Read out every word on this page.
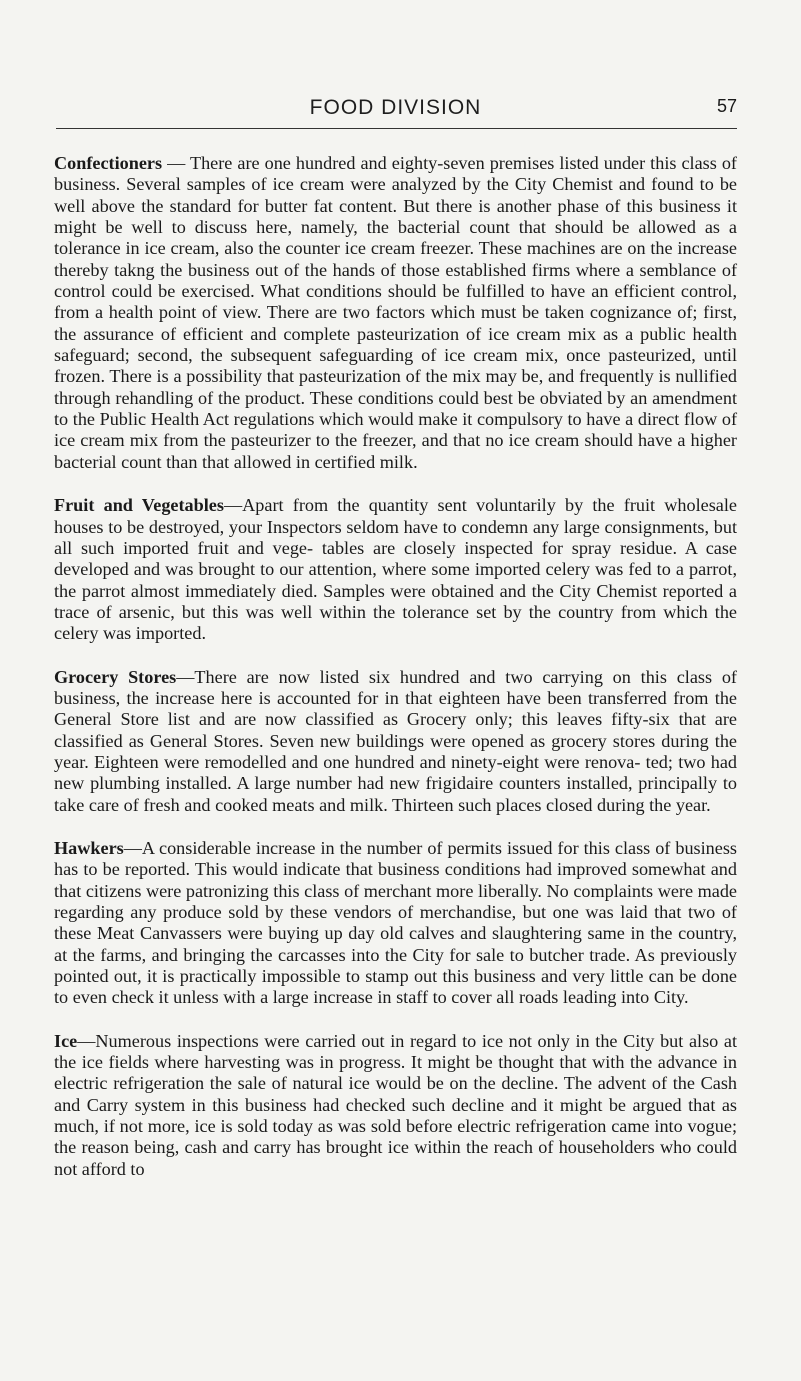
FOOD DIVISION	57

Confectioners — There are one hundred and eighty-seven premises listed under this class of business. Several samples of ice cream were analyzed by the City Chemist and found to be well above the standard for butter fat content. But there is another phase of this business it might be well to discuss here, namely, the bacterial count that should be allowed as a tolerance in ice cream, also the counter ice cream freezer. These machines are on the increase thereby takng the business out of the hands of those established firms where a semblance of control could be exercised. What conditions should be fulfilled to have an efficient control, from a health point of view. There are two factors which must be taken cognizance of; first, the assurance of efficient and complete pasteurization of ice cream mix as a public health safeguard; second, the subsequent safeguarding of ice cream mix, once pasteurized, until frozen. There is a possibility that pasteurization of the mix may be, and frequently is nullified through rehandling of the product. These conditions could best be obviated by an amendment to the Public Health Act regulations which would make it compulsory to have a direct flow of ice cream mix from the pasteurizer to the freezer, and that no ice cream should have a higher bacterial count than that allowed in certified milk.

Fruit and Vegetables—Apart from the quantity sent voluntarily by the fruit wholesale houses to be destroyed, your Inspectors seldom have to condemn any large consignments, but all such imported fruit and vege- tables are closely inspected for spray residue. A case developed and was brought to our attention, where some imported celery was fed to a parrot, the parrot almost immediately died. Samples were obtained and the City Chemist reported a trace of arsenic, but this was well within the tolerance set by the country from which the celery was imported.

Grocery Stores—There are now listed six hundred and two carrying on this class of business, the increase here is accounted for in that eighteen have been transferred from the General Store list and are now classified as Grocery only; this leaves fifty-six that are classified as General Stores. Seven new buildings were opened as grocery stores during the year. Eighteen were remodelled and one hundred and ninety-eight were renova- ted; two had new plumbing installed. A large number had new frigidaire counters installed, principally to take care of fresh and cooked meats and milk. Thirteen such places closed during the year.

Hawkers—A considerable increase in the number of permits issued for this class of business has to be reported. This would indicate that business conditions had improved somewhat and that citizens were patronizing this class of merchant more liberally. No complaints were made regarding any produce sold by these vendors of merchandise, but one was laid that two of these Meat Canvassers were buying up day old calves and slaughtering same in the country, at the farms, and bringing the carcasses into the City for sale to butcher trade. As previously pointed out, it is practically impossible to stamp out this business and very little can be done to even check it unless with a large increase in staff to cover all roads leading into City.

Ice—Numerous inspections were carried out in regard to ice not only in the City but also at the ice fields where harvesting was in progress. It might be thought that with the advance in electric refrigeration the sale of natural ice would be on the decline. The advent of the Cash and Carry system in this business had checked such decline and it might be argued that as much, if not more, ice is sold today as was sold before electric refrigeration came into vogue; the reason being, cash and carry has brought ice within the reach of householders who could not afford to
